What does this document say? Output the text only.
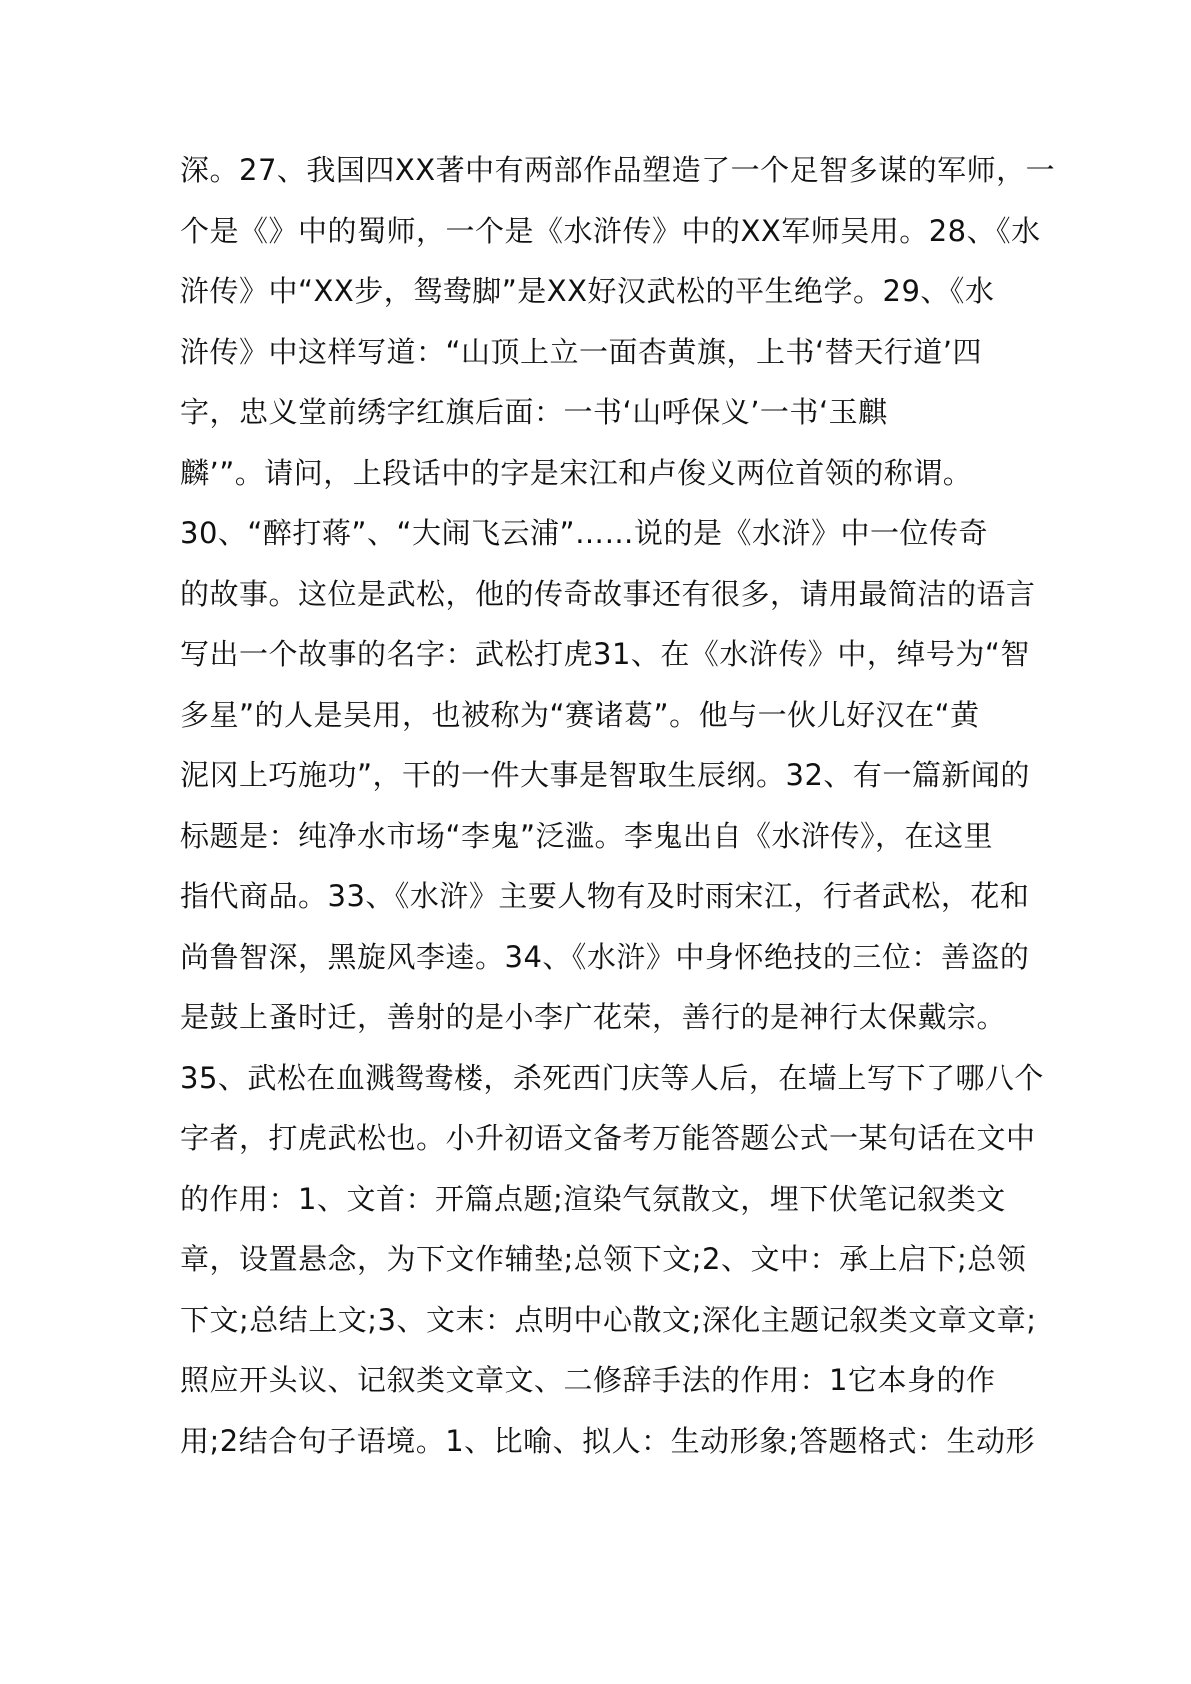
深。27、我国四XX著中有两部作品塑造了一个足智多谋的军师，一
个是《》中的蜀师，一个是《水浒传》中的XX军师吴用。28、《水
浒传》中“XX步，鸳鸯脚”是XX好汉武松的平生绝学。29、《水
浒传》中这样写道：“山顶上立一面杏黄旗，上书‘替天行道’四
字，忠义堂前绣字红旗后面：一书‘山呼保义’一书‘玉麒
麟’”。请问，上段话中的字是宋江和卢俊义两位首领的称谓。
30、“醉打蒋”、“大闹飞云浦”……说的是《水浒》中一位传奇
的故事。这位是武松，他的传奇故事还有很多，请用最简洁的语言
写出一个故事的名字：武松打虎31、在《水浒传》中，绰号为“智
多星”的人是吴用，也被称为“赛诸葛”。他与一伙儿好汉在“黄
泥冈上巧施功”，干的一件大事是智取生辰纲。32、有一篇新闻的
标题是：纯净水市场“李鬼”泛滥。李鬼出自《水浒传》，在这里
指代商品。33、《水浒》主要人物有及时雨宋江，行者武松，花和
尚鲁智深，黑旋风李逵。34、《水浒》中身怀绝技的三位：善盗的
是鼓上蚤时迁，善射的是小李广花荣，善行的是神行太保戴宗。
35、武松在血溅鸳鸯楼，杀死西门庆等人后，在墙上写下了哪八个
字者，打虎武松也。小升初语文备考万能答题公式一某句话在文中
的作用：1、文首：开篇点题;渲染气氛散文，埋下伏笔记叙类文
章，设置悬念，为下文作辅垫;总领下文;2、文中：承上启下;总领
下文;总结上文;3、文末：点明中心散文;深化主题记叙类文章文章;
照应开头议、记叙类文章文、二修辞手法的作用：1它本身的作
用;2结合句子语境。1、比喻、拟人：生动形象;答题格式：生动形
